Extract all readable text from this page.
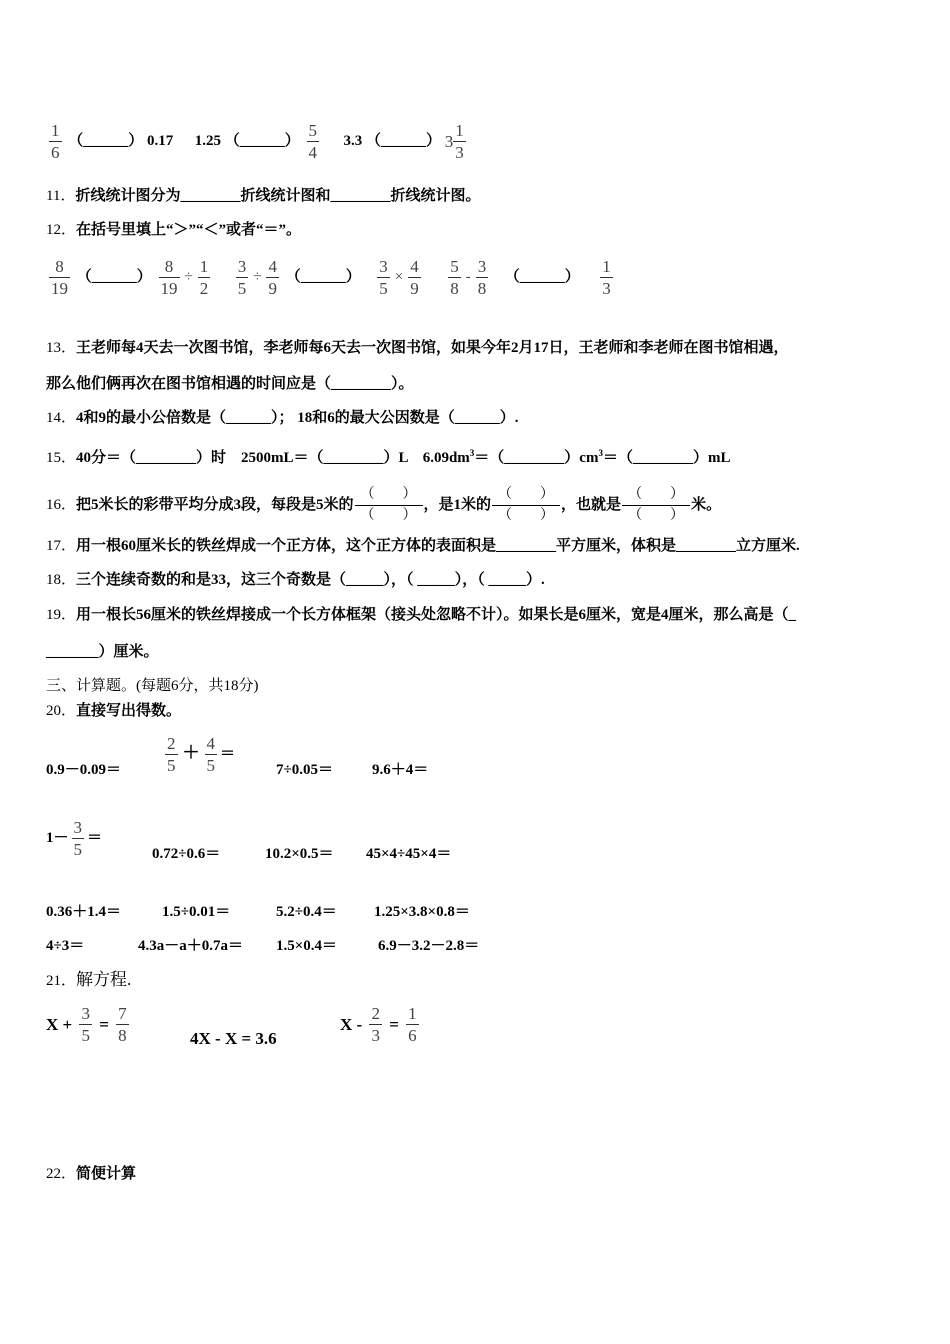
$\frac{1}{6}$ （______） 0.17 1.25 （______） $\frac{5}{4} 3.3$ （______） $3 \frac{1}{3}$
11．折线统计图分为________折线统计图和________折线统计图。
12．在括号里填上“＞”“＜”或者“＝”。
$\frac{8}{19}$ （______） $\frac{8}{19} \div \frac{1}{2}$
$\frac{3}{5} \div \frac{4}{9}$ （______） $\frac{3}{5} \times \frac{4}{9}$
$\frac{5}{8} - \frac{3}{8}$ （______） $\frac{1}{3}$
13．王老师每4天去一次图书馆，李老师每6天去一次图书馆，如果今年2月17日，王老师和李老师在图书馆相遇，
那么他们俩再次在图书馆相遇的时间应是（________）。
14．4和9的最小公倍数是（______）； 18和6的最大公因数是（______）.
15．40分＝（________）时　2500mL＝（________）L　$6.09dm^3=(\_\_\_\_\_\_\_\_)cm^3=(\_\_\_\_\_\_\_\_)mL$
16．把5米长的彩带平均分成3段，每段是5米的
（　　）
（　　）
，是1米的
（　　）
（　　）
，也就是
（　　）
（　　）
米。
17．用一根60厘米长的铁丝焊成一个正方体，这个正方体的表面积是________平方厘米，体积是________立方厘米.
18．三个连续奇数的和是33，这三个奇数是（_____），（ _____），（ _____）.
19．用一根长56厘米的铁丝焊接成一个长方体框架（接头处忽略不计）。如果长是6厘米，宽是4厘米，那么高是（_
_______）厘米。
三、计算题。(每题6分，共18分)
20．直接写出得数。
0.9－0.09＝	$\frac{2}{5} + \frac{4}{5}$ ＝
7÷0.05＝	9.6＋4＝
$1- \frac{3}{5}$ ＝
0.72÷0.6＝	10.2×0.5＝ 45×4÷45×4＝
0.36＋1.4＝	1.5÷0.01＝	5.2÷0.4＝ 1.25×3.8×0.8＝
4÷3＝	4.3a－a＋0.7a＝ 1.5×0.4＝	6.9－3.2－2.8＝
21．解方程.
$X + \frac{3}{5} = \frac{7}{8}$	4X - X = 3.6
$X - \frac{2}{3} = \frac{1}{6}$
22．简便计算
